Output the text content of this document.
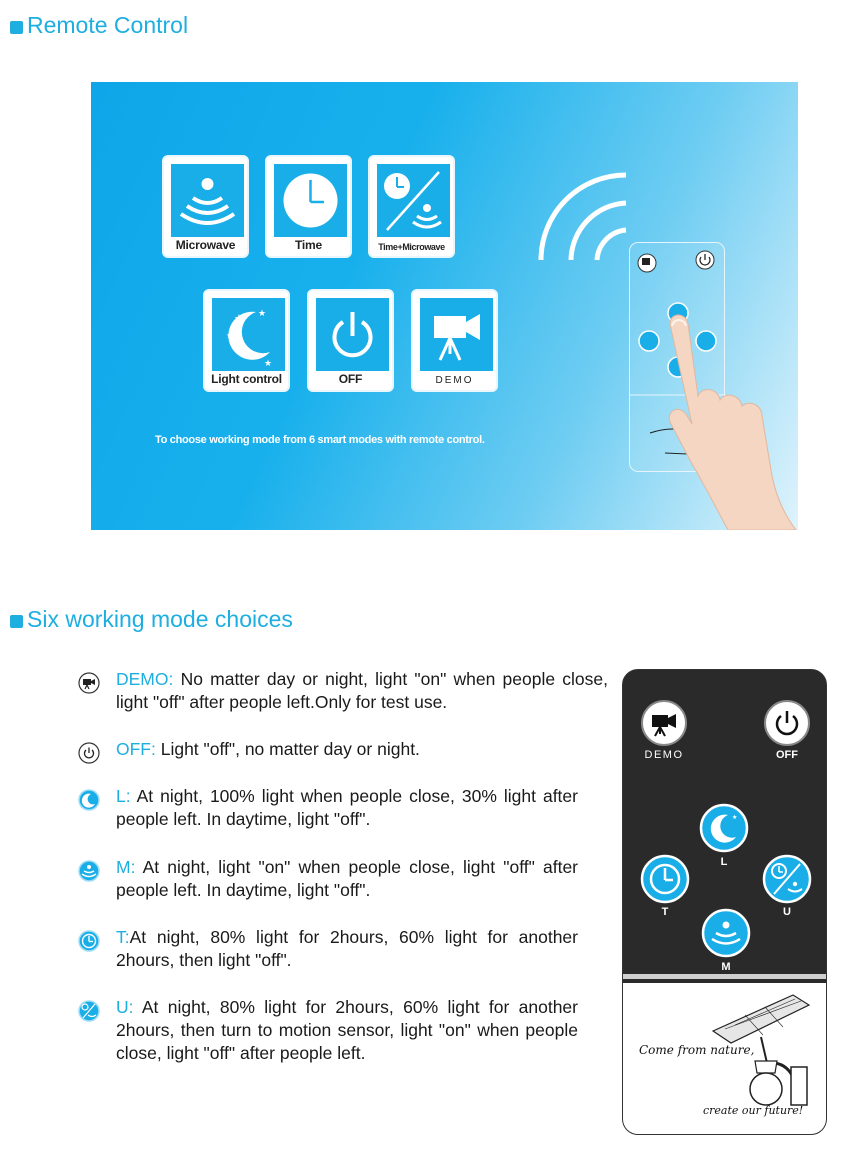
Remote Control
Microwave	Time	Time+Microwave
★ ★
★
★
Light control	OFF	DEMO
To choose working mode from 6 smart modes with remote control.
Six working mode choices
DEMO: No matter day or night, light "on" when people close, light "off" after people left.Only for test use.
OFF: Light "off", no matter day or night.
L: At night, 100% light when people close, 30% light after people left. In daytime, light "off".
M: At night, light "on" when people close, light "off" after people left. In daytime, light "off".
T:At night, 80% light for 2hours, 60% light for another 2hours, then light "off".
U: At night, 80% light for 2hours, 60% light for another 2hours, then turn to motion sensor, light "on" when people close, light "off" after people left.
DEMO	OFF
★ ★
L
T	U
M
Come from nature,
create our future!
